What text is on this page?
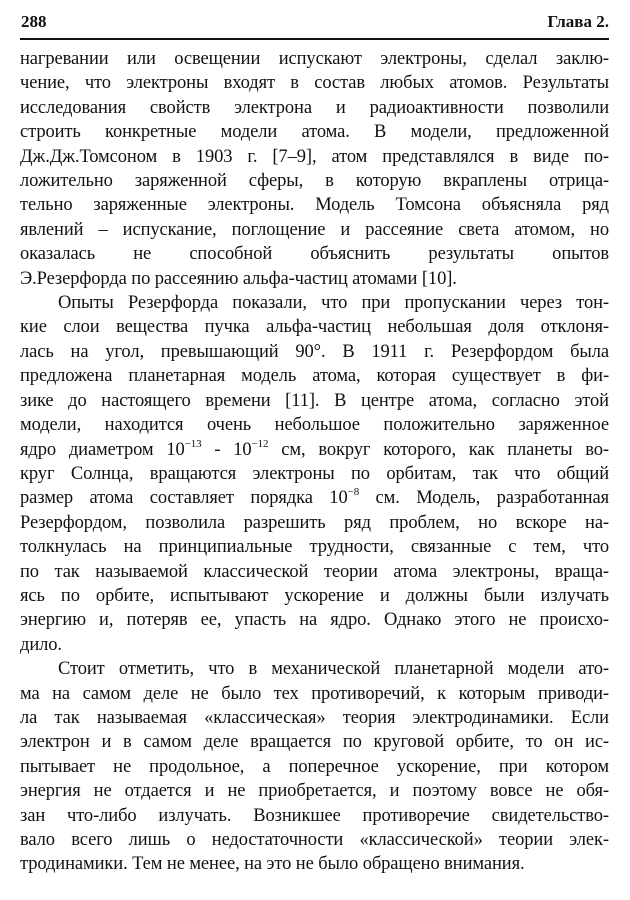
288	Глава 2.
нагревании или освещении испускают электроны, сделал заклю-
чение, что электроны входят в состав любых атомов. Результаты
исследования свойств электрона и радиоактивности позволили
строить конкретные модели атома. В модели, предложенной
Дж.Дж.Томсоном в 1903 г. [7–9], атом представлялся в виде по-
ложительно заряженной сферы, в которую вкраплены отрица-
тельно заряженные электроны. Модель Томсона объясняла ряд
явлений – испускание, поглощение и рассеяние света атомом, но
оказалась не способной объяснить результаты опытов
Э.Резерфорда по рассеянию альфа-частиц атомами [10].
Опыты Резерфорда показали, что при пропускании через тон-
кие слои вещества пучка альфа-частиц небольшая доля отклоня-
лась на угол, превышающий 90°. В 1911 г. Резерфордом была
предложена планетарная модель атома, которая существует в фи-
зике до настоящего времени [11]. В центре атома, согласно этой
модели, находится очень небольшое положительно заряженное
ядро диаметром $10^{-13} - 10^{-12}$ см, вокруг которого, как планеты во-
круг Солнца, вращаются электроны по орбитам, так что общий
размер атома составляет порядка $10^{-8}$ см. Модель, разработанная
Резерфордом, позволила разрешить ряд проблем, но вскоре на-
толкнулась на принципиальные трудности, связанные с тем, что
по так называемой классической теории атома электроны, враща-
ясь по орбите, испытывают ускорение и должны были излучать
энергию и, потеряв ее, упасть на ядро. Однако этого не происхо-
дило.
Стоит отметить, что в механической планетарной модели ато-
ма на самом деле не было тех противоречий, к которым приводи-
ла так называемая «классическая» теория электродинамики. Если
электрон и в самом деле вращается по круговой орбите, то он ис-
пытывает не продольное, а поперечное ускорение, при котором
энергия не отдается и не приобретается, и поэтому вовсе не обя-
зан что-либо излучать. Возникшее противоречие свидетельство-
вало всего лишь о недостаточности «классической» теории элек-
тродинамики. Тем не менее, на это не было обращено внимания.
